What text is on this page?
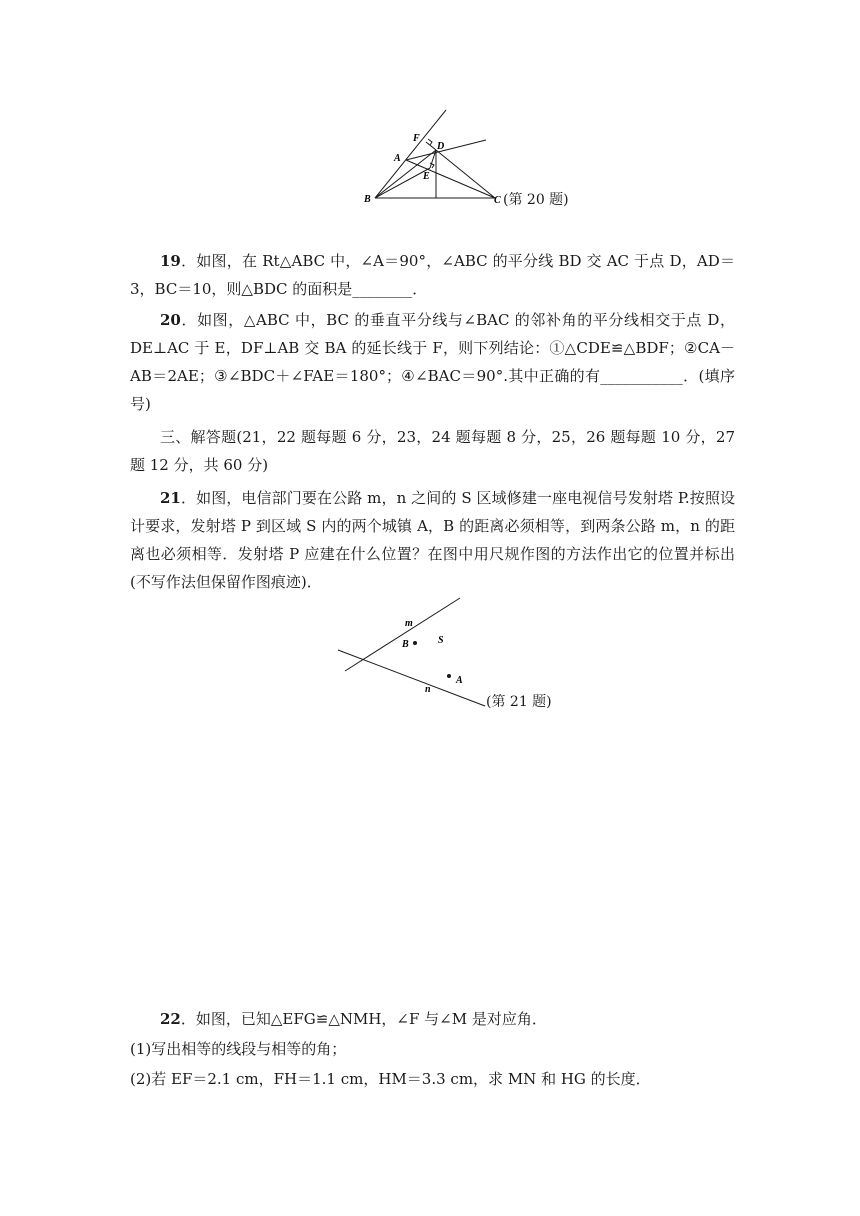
B
A
F
D
E
C (第 20 题)
19．如图，在 Rt△ABC 中，∠A＝90°，∠ABC 的平分线 BD 交 AC 于点 D，AD＝3，BC＝10，则△BDC 的面积是________．
20．如图，△ABC 中，BC 的垂直平分线与∠BAC 的邻补角的平分线相交于点 D，DE⊥AC 于 E，DF⊥AB 交 BA 的延长线于 F，则下列结论：①△CDE≌△BDF；②CA－AB＝2AE；③∠BDC＋∠FAE＝180°；④∠BAC＝90°.其中正确的有___________．(填序号)
三、解答题(21，22 题每题 6 分，23，24 题每题 8 分，25，26 题每题 10 分，27 题 12 分，共 60 分)
21．如图，电信部门要在公路 m，n 之间的 S 区域修建一座电视信号发射塔 P.按照设计要求，发射塔 P 到区域 S 内的两个城镇 A，B 的距离必须相等，到两条公路 m，n 的距离也必须相等．发射塔 P 应建在什么位置？在图中用尺规作图的方法作出它的位置并标出(不写作法但保留作图痕迹)．
m
B	S
A
n
(第 21 题)
22．如图，已知△EFG≌△NMH，∠F 与∠M 是对应角．
(1)写出相等的线段与相等的角；
(2)若 EF＝2.1 cm，FH＝1.1 cm，HM＝3.3 cm，求 MN 和 HG 的长度．
